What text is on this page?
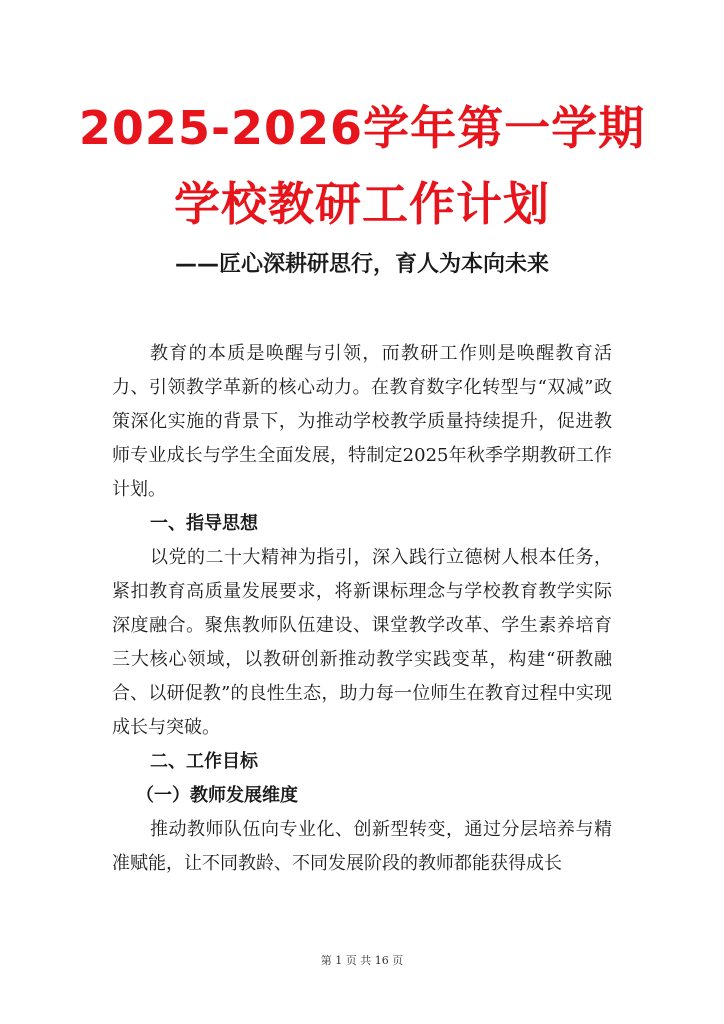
2025-2026学年第一学期
学校教研工作计划
——匠心深耕研思行，育人为本向未来

教育的本质是唤醒与引领，而教研工作则是唤醒教育活力、引领教学革新的核心动力。在教育数字化转型与“双减”政策深化实施的背景下，为推动学校教学质量持续提升，促进教师专业成长与学生全面发展，特制定2025年秋季学期教研工作计划。

一、指导思想

以党的二十大精神为指引，深入践行立德树人根本任务，紧扣教育高质量发展要求，将新课标理念与学校教育教学实际深度融合。聚焦教师队伍建设、课堂教学改革、学生素养培育三大核心领域，以教研创新推动教学实践变革，构建“研教融合、以研促教”的良性生态，助力每一位师生在教育过程中实现成长与突破。

二、工作目标

（一）教师发展维度

推动教师队伍向专业化、创新型转变，通过分层培养与精准赋能，让不同教龄、不同发展阶段的教师都能获得成长

第 1 页 共 16 页
